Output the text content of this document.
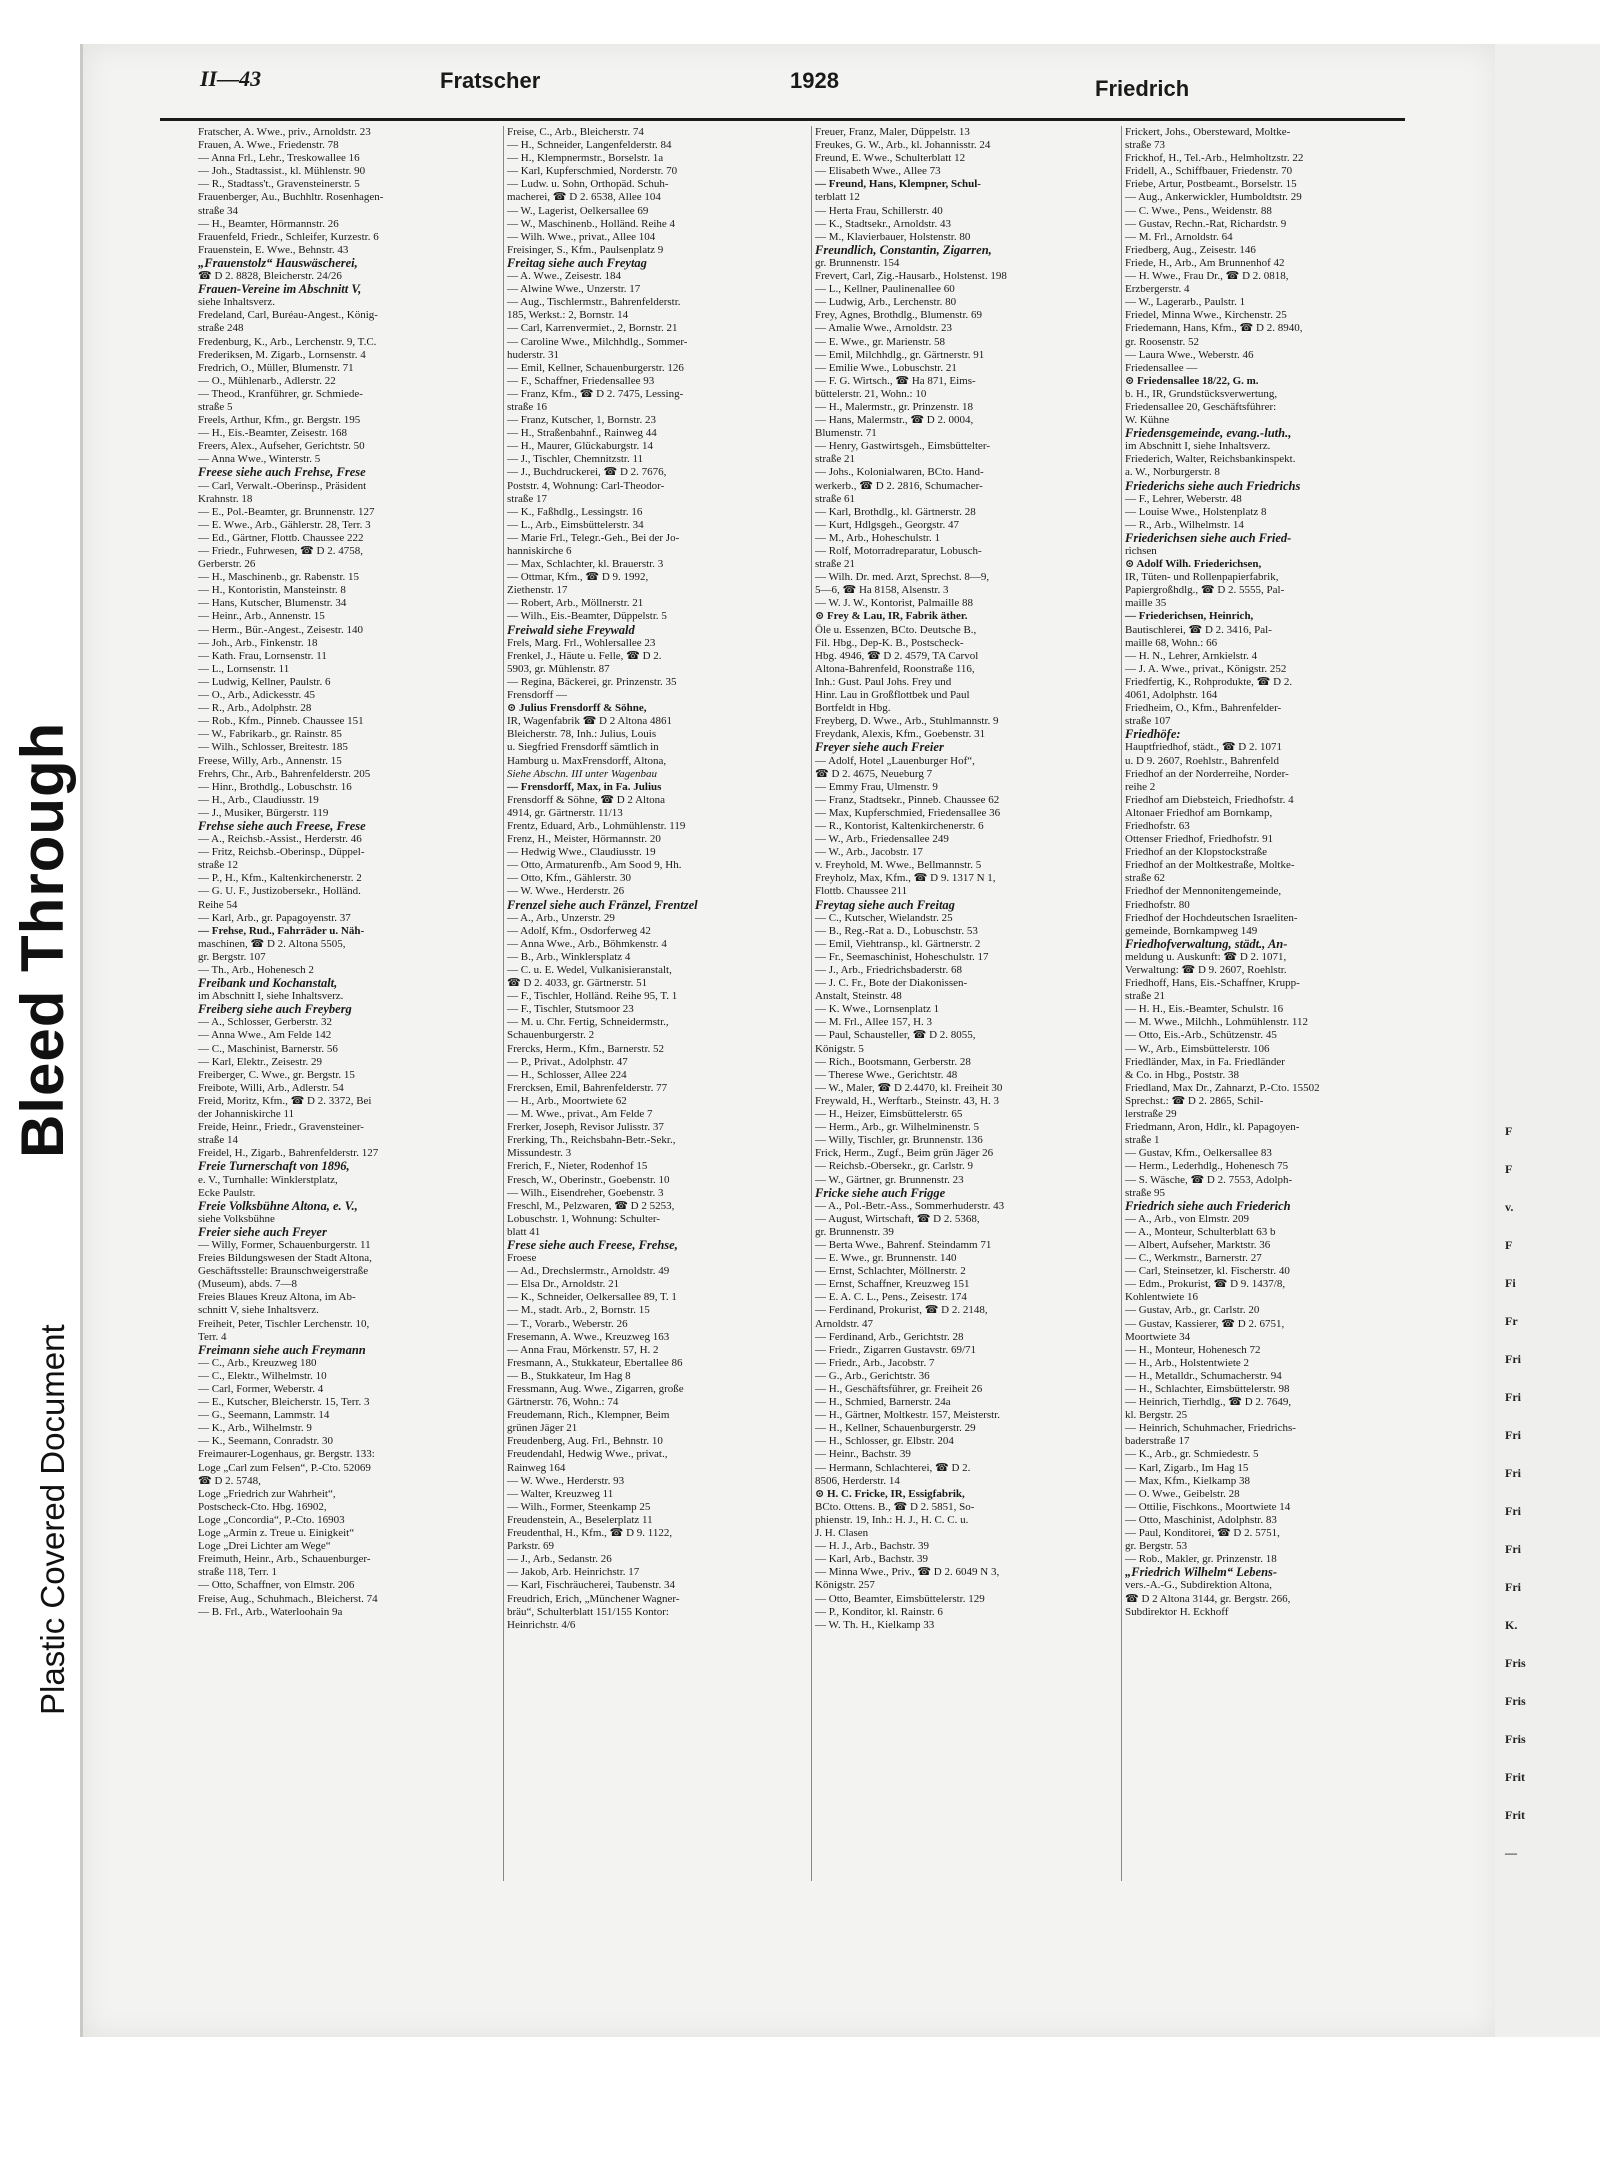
Bleed Through
Plastic Covered Document
F
F
v.
F
Fi
Fr
Fri
Fri
Fri
Fri
Fri
Fri
Fri
K.
Fris
Fris
Fris
Frit
Frit
—
II—43	Fratscher	1928	Friedrich
Fratscher, A. Wwe., priv., Arnoldstr. 23
Frauen, A. Wwe., Friedenstr. 78
— Anna Frl., Lehr., Treskowallee 16
— Joh., Stadtassist., kl. Mühlenstr. 90
— R., Stadtass't., Gravensteinerstr. 5
Frauenberger, Au., Buchhltr. Rosenhagen-
straße 34
— H., Beamter, Hörmannstr. 26
Frauenfeld, Friedr., Schleifer, Kurzestr. 6
Frauenstein, E. Wwe., Behnstr. 43
„Frauenstolz“ Hauswäscherei,
☎ D 2. 8828, Bleicherstr. 24/26
Frauen-Vereine im Abschnitt V,
siehe Inhaltsverz.
Fredeland, Carl, Buréau-Angest., König-
straße 248
Fredenburg, K., Arb., Lerchenstr. 9, T.C.
Frederiksen, M. Zigarb., Lornsenstr. 4
Fredrich, O., Müller, Blumenstr. 71
— O., Mühlenarb., Adlerstr. 22
— Theod., Kranführer, gr. Schmiede-
straße 5
Freels, Arthur, Kfm., gr. Bergstr. 195
— H., Eis.-Beamter, Zeisestr. 168
Freers, Alex., Aufseher, Gerichtstr. 50
— Anna Wwe., Winterstr. 5
Freese siehe auch Frehse, Frese
— Carl, Verwalt.-Oberinsp., Präsident
Krahnstr. 18
— E., Pol.-Beamter, gr. Brunnenstr. 127
— E. Wwe., Arb., Gählerstr. 28, Terr. 3
— Ed., Gärtner, Flottb. Chaussee 222
— Friedr., Fuhrwesen, ☎ D 2. 4758,
Gerberstr. 26
— H., Maschinenb., gr. Rabenstr. 15
— H., Kontoristin, Mansteinstr. 8
— Hans, Kutscher, Blumenstr. 34
— Heinr., Arb., Annenstr. 15
— Herm., Bür.-Angest., Zeisestr. 140
— Joh., Arb., Finkenstr. 18
— Kath. Frau, Lornsenstr. 11
— L., Lornsenstr. 11
— Ludwig, Kellner, Paulstr. 6
— O., Arb., Adickesstr. 45
— R., Arb., Adolphstr. 28
— Rob., Kfm., Pinneb. Chaussee 151
— W., Fabrikarb., gr. Rainstr. 85
— Wilh., Schlosser, Breitestr. 185
Freese, Willy, Arb., Annenstr. 15
Frehrs, Chr., Arb., Bahrenfelderstr. 205
— Hinr., Brothdlg., Lobuschstr. 16
— H., Arb., Claudiusstr. 19
— J., Musiker, Bürgerstr. 119
Frehse siehe auch Freese, Frese
— A., Reichsb.-Assist., Herderstr. 46
— Fritz, Reichsb.-Oberinsp., Düppel-
straße 12
— P., H., Kfm., Kaltenkirchenerstr. 2
— G. U. F., Justizobersekr., Holländ.
Reihe 54
— Karl, Arb., gr. Papagoyenstr. 37
— Frehse, Rud., Fahrräder u. Näh-
maschinen, ☎ D 2. Altona 5505,
gr. Bergstr. 107
— Th., Arb., Hohenesch 2
Freibank und Kochanstalt,
im Abschnitt I, siehe Inhaltsverz.
Freiberg siehe auch Freyberg
— A., Schlosser, Gerberstr. 32
— Anna Wwe., Am Felde 142
— C., Maschinist, Barnerstr. 56
— Karl, Elektr., Zeisestr. 29
Freiberger, C. Wwe., gr. Bergstr. 15
Freibote, Willi, Arb., Adlerstr. 54
Freid, Moritz, Kfm., ☎ D 2. 3372, Bei
der Johanniskirche 11
Freide, Heinr., Friedr., Gravensteiner-
straße 14
Freidel, H., Zigarb., Bahrenfelderstr. 127
Freie Turnerschaft von 1896,
e. V., Turnhalle: Winklerstplatz,
Ecke Paulstr.
Freie Volksbühne Altona, e. V.,
siehe Volksbühne
Freier siehe auch Freyer
— Willy, Former, Schauenburgerstr. 11
Freies Bildungswesen der Stadt Altona,
Geschäftsstelle: Braunschweigerstraße
(Museum), abds. 7—8
Freies Blaues Kreuz Altona, im Ab-
schnitt V, siehe Inhaltsverz.
Freiheit, Peter, Tischler Lerchenstr. 10,
Terr. 4
Freimann siehe auch Freymann
— C., Arb., Kreuzweg 180
— C., Elektr., Wilhelmstr. 10
— Carl, Former, Weberstr. 4
— E., Kutscher, Bleicherstr. 15, Terr. 3
— G., Seemann, Lammstr. 14
— K., Arb., Wilhelmstr. 9
— K., Seemann, Conradstr. 30
Freimaurer-Logenhaus, gr. Bergstr. 133:
Loge „Carl zum Felsen“, P.-Cto. 52069
☎ D 2. 5748,
Loge „Friedrich zur Wahrheit“,
Postscheck-Cto. Hbg. 16902,
Loge „Concordia“, P.-Cto. 16903
Loge „Armin z. Treue u. Einigkeit“
Loge „Drei Lichter am Wege“
Freimuth, Heinr., Arb., Schauenburger-
straße 118, Terr. 1
— Otto, Schaffner, von Elmstr. 206
Freise, Aug., Schuhmach., Bleicherst. 74
— B. Frl., Arb., Waterloohain 9a
Freise, C., Arb., Bleicherstr. 74
— H., Schneider, Langenfelderstr. 84
— H., Klempnermstr., Borselstr. 1a
— Karl, Kupferschmied, Norderstr. 70
— Ludw. u. Sohn, Orthopäd. Schuh-
macherei, ☎ D 2. 6538, Allee 104
— W., Lagerist, Oelkersallee 69
— W., Maschinenb., Holländ. Reihe 4
— Wilh. Wwe., privat., Allee 104
Freisinger, S., Kfm., Paulsenplatz 9
Freitag siehe auch Freytag
— A. Wwe., Zeisestr. 184
— Alwine Wwe., Unzerstr. 17
— Aug., Tischlermstr., Bahrenfelderstr.
185, Werkst.: 2, Bornstr. 14
— Carl, Karrenvermiet., 2, Bornstr. 21
— Caroline Wwe., Milchhdlg., Sommer-
huderstr. 31
— Emil, Kellner, Schauenburgerstr. 126
— F., Schaffner, Friedensallee 93
— Franz, Kfm., ☎ D 2. 7475, Lessing-
straße 16
— Franz, Kutscher, 1, Bornstr. 23
— H., Straßenbahnf., Rainweg 44
— H., Maurer, Glückaburgstr. 14
— J., Tischler, Chemnitzstr. 11
— J., Buchdruckerei, ☎ D 2. 7676,
Poststr. 4, Wohnung: Carl-Theodor-
straße 17
— K., Faßhdlg., Lessingstr. 16
— L., Arb., Eimsbüttelerstr. 34
— Marie Frl., Telegr.-Geh., Bei der Jo-
hanniskirche 6
— Max, Schlachter, kl. Brauerstr. 3
— Ottmar, Kfm., ☎ D 9. 1992,
Ziethenstr. 17
— Robert, Arb., Möllnerstr. 21
— Wilh., Eis.-Beamter, Düppelstr. 5
Freiwald siehe Freywald
Frels, Marg. Frl., Wohlersallee 23
Frenkel, J., Häute u. Felle, ☎ D 2.
5903, gr. Mühlenstr. 87
— Regina, Bäckerei, gr. Prinzenstr. 35
Frensdorff —
⊙ Julius Frensdorff & Söhne,
IR, Wagenfabrik ☎ D 2 Altona 4861
Bleicherstr. 78, Inh.: Julius, Louis
u. Siegfried Frensdorff sämtlich in
Hamburg u. MaxFrensdorff, Altona,
Siehe Abschn. III unter Wagenbau
— Frensdorff, Max, in Fa. Julius
Frensdorff & Söhne, ☎ D 2 Altona
4914, gr. Gärtnerstr. 11/13
Frentz, Eduard, Arb., Lohmühlenstr. 119
Frenz, H., Meister, Hörmannstr. 20
— Hedwig Wwe., Claudiusstr. 19
— Otto, Armaturenfb., Am Sood 9, Hh.
— Otto, Kfm., Gählerstr. 30
— W. Wwe., Herderstr. 26
Frenzel siehe auch Fränzel, Frentzel
— A., Arb., Unzerstr. 29
— Adolf, Kfm., Osdorferweg 42
— Anna Wwe., Arb., Böhmkenstr. 4
— B., Arb., Winklersplatz 4
— C. u. E. Wedel, Vulkanisieranstalt,
☎ D 2. 4033, gr. Gärtnerstr. 51
— F., Tischler, Holländ. Reihe 95, T. 1
— F., Tischler, Stutsmoor 23
— M. u. Chr. Fertig, Schneidermstr.,
Schauenburgerstr. 2
Frercks, Herm., Kfm., Barnerstr. 52
— P., Privat., Adolphstr. 47
— H., Schlosser, Allee 224
Frercksen, Emil, Bahrenfelderstr. 77
— H., Arb., Moortwiete 62
— M. Wwe., privat., Am Felde 7
Frerker, Joseph, Revisor Julisstr. 37
Frerking, Th., Reichsbahn-Betr.-Sekr.,
Missundestr. 3
Frerich, F., Nieter, Rodenhof 15
Fresch, W., Oberinstr., Goebenstr. 10
— Wilh., Eisendreher, Goebenstr. 3
Freschl, M., Pelzwaren, ☎ D 2 5253,
Lobuschstr. 1, Wohnung: Schulter-
blatt 41
Frese siehe auch Freese, Frehse,
Froese
— Ad., Drechslermstr., Arnoldstr. 49
— Elsa Dr., Arnoldstr. 21
— K., Schneider, Oelkersallee 89, T. 1
— M., stadt. Arb., 2, Bornstr. 15
— T., Vorarb., Weberstr. 26
Fresemann, A. Wwe., Kreuzweg 163
— Anna Frau, Mörkenstr. 57, H. 2
Fresmann, A., Stukkateur, Ebertallee 86
— B., Stukkateur, Im Hag 8
Fressmann, Aug. Wwe., Zigarren, große
Gärtnerstr. 76, Wohn.: 74
Freudemann, Rich., Klempner, Beim
grünen Jäger 21
Freudenberg, Aug. Frl., Behnstr. 10
Freudendahl, Hedwig Wwe., privat.,
Rainweg 164
— W. Wwe., Herderstr. 93
— Walter, Kreuzweg 11
— Wilh., Former, Steenkamp 25
Freudenstein, A., Beselerplatz 11
Freudenthal, H., Kfm., ☎ D 9. 1122,
Parkstr. 69
— J., Arb., Sedanstr. 26
— Jakob, Arb. Heinrichstr. 17
— Karl, Fischräucherei, Taubenstr. 34
Freudrich, Erich, „Münchener Wagner-
bräu“, Schulterblatt 151/155 Kontor:
Heinrichstr. 4/6
Freuer, Franz, Maler, Düppelstr. 13
Freukes, G. W., Arb., kl. Johannisstr. 24
Freund, E. Wwe., Schulterblatt 12
— Elisabeth Wwe., Allee 73
— Freund, Hans, Klempner, Schul-
terblatt 12
— Herta Frau, Schillerstr. 40
— K., Stadtsekr., Arnoldstr. 43
— M., Klavierbauer, Holstenstr. 80
Freundlich, Constantin, Zigarren,
gr. Brunnenstr. 154
Frevert, Carl, Zig.-Hausarb., Holstenst. 198
— L., Kellner, Paulinenallee 60
— Ludwig, Arb., Lerchenstr. 80
Frey, Agnes, Brothdlg., Blumenstr. 69
— Amalie Wwe., Arnoldstr. 23
— E. Wwe., gr. Marienstr. 58
— Emil, Milchhdlg., gr. Gärtnerstr. 91
— Emilie Wwe., Lobuschstr. 21
— F. G. Wirtsch., ☎ Ha 871, Eims-
büttelerstr. 21, Wohn.: 10
— H., Malermstr., gr. Prinzenstr. 18
— Hans, Malermstr., ☎ D 2. 0004,
Blumenstr. 71
— Henry, Gastwirtsgeh., Eimsbüttelter-
straße 21
— Johs., Kolonialwaren, BCto. Hand-
werkerb., ☎ D 2. 2816, Schumacher-
straße 61
— Karl, Brothdlg., kl. Gärtnerstr. 28
— Kurt, Hdlgsgeh., Georgstr. 47
— M., Arb., Hoheschulstr. 1
— Rolf, Motorradreparatur, Lobusch-
straße 21
— Wilh. Dr. med. Arzt, Sprechst. 8—9,
5—6, ☎ Ha 8158, Alsenstr. 3
— W. J. W., Kontorist, Palmaille 88
⊙ Frey & Lau, IR, Fabrik äther.
Öle u. Essenzen, BCto. Deutsche B.,
Fil. Hbg., Dep-K. B., Postscheck-
Hbg. 4946, ☎ D 2. 4579, TA Carvol
Altona-Bahrenfeld, Roonstraße 116,
Inh.: Gust. Paul Johs. Frey und
Hinr. Lau in Großflottbek und Paul
Bortfeldt in Hbg.
Freyberg, D. Wwe., Arb., Stuhlmannstr. 9
Freydank, Alexis, Kfm., Goebenstr. 31
Freyer siehe auch Freier
— Adolf, Hotel „Lauenburger Hof“,
☎ D 2. 4675, Neueburg 7
— Emmy Frau, Ulmenstr. 9
— Franz, Stadtsekr., Pinneb. Chaussee 62
— Max, Kupferschmied, Friedensallee 36
— R., Kontorist, Kaltenkirchenerstr. 6
— W., Arb., Friedensallee 249
— W., Arb., Jacobstr. 17
v. Freyhold, M. Wwe., Bellmannstr. 5
Freyholz, Max, Kfm., ☎ D 9. 1317 N 1,
Flottb. Chaussee 211
Freytag siehe auch Freitag
— C., Kutscher, Wielandstr. 25
— B., Reg.-Rat a. D., Lobuschstr. 53
— Emil, Viehtransp., kl. Gärtnerstr. 2
— Fr., Seemaschinist, Hoheschulstr. 17
— J., Arb., Friedrichsbaderstr. 68
— J. C. Fr., Bote der Diakonissen-
Anstalt, Steinstr. 48
— K. Wwe., Lornsenplatz 1
— M. Frl., Allee 157, H. 3
— Paul, Schausteller, ☎ D 2. 8055,
Königstr. 5
— Rich., Bootsmann, Gerberstr. 28
— Therese Wwe., Gerichtstr. 48
— W., Maler, ☎ D 2.4470, kl. Freiheit 30
Freywald, H., Werftarb., Steinstr. 43, H. 3
— H., Heizer, Eimsbüttelerstr. 65
— Herm., Arb., gr. Wilhelminenstr. 5
— Willy, Tischler, gr. Brunnenstr. 136
Frick, Herm., Zugf., Beim grün Jäger 26
— Reichsb.-Obersekr., gr. Carlstr. 9
— W., Gärtner, gr. Brunnenstr. 23
Fricke siehe auch Frigge
— A., Pol.-Betr.-Ass., Sommerhuderstr. 43
— August, Wirtschaft, ☎ D 2. 5368,
gr. Brunnenstr. 39
— Berta Wwe., Bahrenf. Steindamm 71
— E. Wwe., gr. Brunnenstr. 140
— Ernst, Schlachter, Möllnerstr. 2
— Ernst, Schaffner, Kreuzweg 151
— E. A. C. L., Pens., Zeisestr. 174
— Ferdinand, Prokurist, ☎ D 2. 2148,
Arnoldstr. 47
— Ferdinand, Arb., Gerichtstr. 28
— Friedr., Zigarren Gustavstr. 69/71
— Friedr., Arb., Jacobstr. 7
— G., Arb., Gerichtstr. 36
— H., Geschäftsführer, gr. Freiheit 26
— H., Schmied, Barnerstr. 24a
— H., Gärtner, Moltkestr. 157, Meisterstr.
— H., Kellner, Schauenburgerstr. 29
— H., Schlosser, gr. Elbstr. 204
— Heinr., Bachstr. 39
— Hermann, Schlachterei, ☎ D 2.
8506, Herderstr. 14
⊙ H. C. Fricke, IR, Essigfabrik,
BCto. Ottens. B., ☎ D 2. 5851, So-
phienstr. 19, Inh.: H. J., H. C. C. u.
J. H. Clasen
— H. J., Arb., Bachstr. 39
— Karl, Arb., Bachstr. 39
— Minna Wwe., Priv., ☎ D 2. 6049 N 3,
Königstr. 257
— Otto, Beamter, Eimsbüttelerstr. 129
— P., Konditor, kl. Rainstr. 6
— W. Th. H., Kielkamp 33
Frickert, Johs., Obersteward, Moltke-
straße 73
Frickhof, H., Tel.-Arb., Helmholtzstr. 22
Fridell, A., Schiffbauer, Friedenstr. 70
Friebe, Artur, Postbeamt., Borselstr. 15
— Aug., Ankerwickler, Humboldtstr. 29
— C. Wwe., Pens., Weidenstr. 88
— Gustav, Rechn.-Rat, Richardstr. 9
— M. Frl., Arnoldstr. 64
Friedberg, Aug., Zeisestr. 146
Friede, H., Arb., Am Brunnenhof 42
— H. Wwe., Frau Dr., ☎ D 2. 0818,
Erzbergerstr. 4
— W., Lagerarb., Paulstr. 1
Friedel, Minna Wwe., Kirchenstr. 25
Friedemann, Hans, Kfm., ☎ D 2. 8940,
gr. Roosenstr. 52
— Laura Wwe., Weberstr. 46
Friedensallee —
⊙ Friedensallee 18/22, G. m.
b. H., IR, Grundstücksverwertung,
Friedensallee 20, Geschäftsführer:
W. Kühne
Friedensgemeinde, evang.-luth.,
im Abschnitt I, siehe Inhaltsverz.
Friederich, Walter, Reichsbankinspekt.
a. W., Norburgerstr. 8
Friederichs siehe auch Friedrichs
— F., Lehrer, Weberstr. 48
— Louise Wwe., Holstenplatz 8
— R., Arb., Wilhelmstr. 14
Friederichsen siehe auch Fried-
richsen
⊙ Adolf Wilh. Friederichsen,
IR, Tüten- und Rollenpapierfabrik,
Papiergroßhdlg., ☎ D 2. 5555, Pal-
maille 35
— Friederichsen, Heinrich,
Bautischlerei, ☎ D 2. 3416, Pal-
maille 68, Wohn.: 66
— H. N., Lehrer, Arnkielstr. 4
— J. A. Wwe., privat., Königstr. 252
Friedfertig, K., Rohprodukte, ☎ D 2.
4061, Adolphstr. 164
Friedheim, O., Kfm., Bahrenfelder-
straße 107
Friedhöfe:
Hauptfriedhof, städt., ☎ D 2. 1071
u. D 9. 2607, Roehlstr., Bahrenfeld
Friedhof an der Norderreihe, Norder-
reihe 2
Friedhof am Diebsteich, Friedhofstr. 4
Altonaer Friedhof am Bornkamp,
Friedhofstr. 63
Ottenser Friedhof, Friedhofstr. 91
Friedhof an der Klopstockstraße
Friedhof an der Moltkestraße, Moltke-
straße 62
Friedhof der Mennonitengemeinde,
Friedhofstr. 80
Friedhof der Hochdeutschen Israeliten-
gemeinde, Bornkampweg 149
Friedhofverwaltung, städt., An-
meldung u. Auskunft: ☎ D 2. 1071,
Verwaltung: ☎ D 9. 2607, Roehlstr.
Friedhoff, Hans, Eis.-Schaffner, Krupp-
straße 21
— H. H., Eis.-Beamter, Schulstr. 16
— M. Wwe., Milchh., Lohmühlenstr. 112
— Otto, Eis.-Arb., Schützenstr. 45
— W., Arb., Eimsbüttelerstr. 106
Friedländer, Max, in Fa. Friedländer
& Co. in Hbg., Poststr. 38
Friedland, Max Dr., Zahnarzt, P.-Cto. 15502
Sprechst.: ☎ D 2. 2865, Schil-
lerstraße 29
Friedmann, Aron, Hdlr., kl. Papagoyen-
straße 1
— Gustav, Kfm., Oelkersallee 83
— Herm., Lederhdlg., Hohenesch 75
— S. Wäsche, ☎ D 2. 7553, Adolph-
straße 95
Friedrich siehe auch Friederich
— A., Arb., von Elmstr. 209
— A., Monteur, Schulterblatt 63 b
— Albert, Aufseher, Marktstr. 36
— C., Werkmstr., Barnerstr. 27
— Carl, Steinsetzer, kl. Fischerstr. 40
— Edm., Prokurist, ☎ D 9. 1437/8,
Kohlentwiete 16
— Gustav, Arb., gr. Carlstr. 20
— Gustav, Kassierer, ☎ D 2. 6751,
Moortwiete 34
— H., Monteur, Hohenesch 72
— H., Arb., Holstentwiete 2
— H., Metalldr., Schumacherstr. 94
— H., Schlachter, Eimsbüttelerstr. 98
— Heinrich, Tierhdlg., ☎ D 2. 7649,
kl. Bergstr. 25
— Heinrich, Schuhmacher, Friedrichs-
baderstraße 17
— K., Arb., gr. Schmiedestr. 5
— Karl, Zigarb., Im Hag 15
— Max, Kfm., Kielkamp 38
— O. Wwe., Geibelstr. 28
— Ottilie, Fischkons., Moortwiete 14
— Otto, Maschinist, Adolphstr. 83
— Paul, Konditorei, ☎ D 2. 5751,
gr. Bergstr. 53
— Rob., Makler, gr. Prinzenstr. 18
„Friedrich Wilhelm“ Lebens-
vers.-A.-G., Subdirektion Altona,
☎ D 2 Altona 3144, gr. Bergstr. 266,
Subdirektor H. Eckhoff
